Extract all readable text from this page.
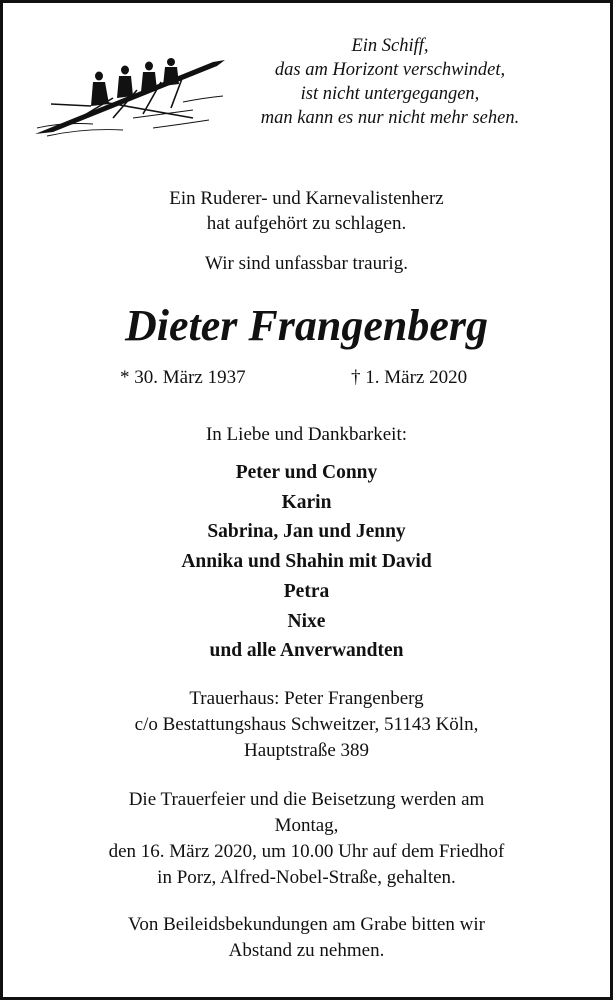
Ein Schiff,
das am Horizont verschwindet,
ist nicht untergegangen,
man kann es nur nicht mehr sehen.
Ein Ruderer- und Karnevalistenherz
hat aufgehört zu schlagen.
Wir sind unfassbar traurig.
Dieter Frangenberg
* 30. März 1937	† 1. März 2020
In Liebe und Dankbarkeit:
Peter und Conny
Karin
Sabrina, Jan und Jenny
Annika und Shahin mit David
Petra
Nixe
und alle Anverwandten
Trauerhaus: Peter Frangenberg
c/o Bestattungshaus Schweitzer, 51143 Köln,
Hauptstraße 389
Die Trauerfeier und die Beisetzung werden am
Montag,
den 16. März 2020, um 10.00 Uhr auf dem Friedhof
in Porz, Alfred-Nobel-Straße, gehalten.
Von Beileidsbekundungen am Grabe bitten wir
Abstand zu nehmen.
